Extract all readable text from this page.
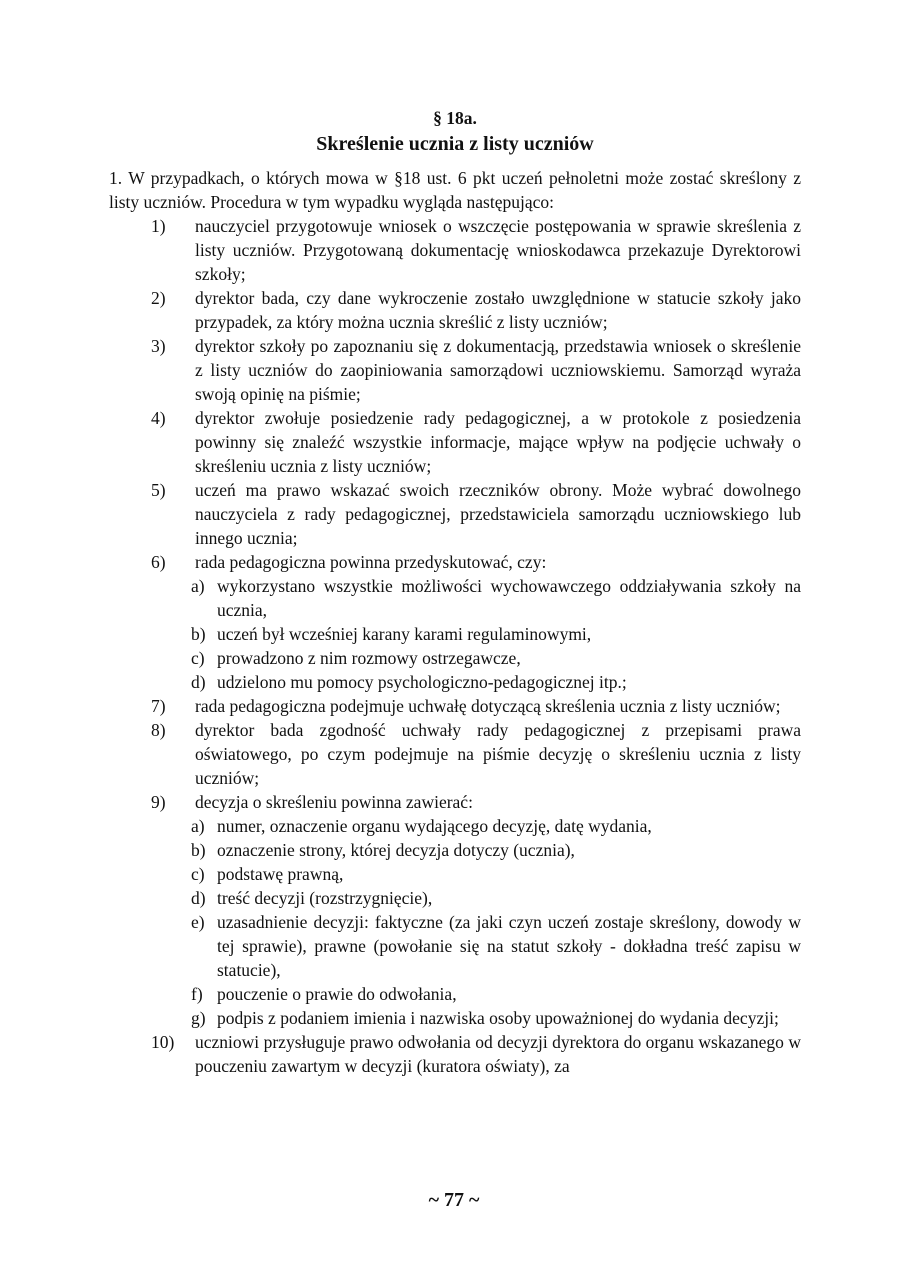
§ 18a.

Skreślenie ucznia z listy uczniów

1. W przypadkach, o których mowa w §18 ust. 6 pkt uczeń pełnoletni może zostać skreślony z listy uczniów. Procedura w tym wypadku wygląda następująco:

1) nauczyciel przygotowuje wniosek o wszczęcie postępowania w sprawie skreślenia z listy uczniów. Przygotowaną dokumentację wnioskodawca przekazuje Dyrektorowi szkoły;
2) dyrektor bada, czy dane wykroczenie zostało uwzględnione w statucie szkoły jako przypadek, za który można ucznia skreślić z listy uczniów;
3) dyrektor szkoły po zapoznaniu się z dokumentacją, przedstawia wniosek o skreślenie z listy uczniów do zaopiniowania samorządowi uczniowskiemu. Samorząd wyraża swoją opinię na piśmie;
4) dyrektor zwołuje posiedzenie rady pedagogicznej, a w protokole z posiedzenia powinny się znaleźć wszystkie informacje, mające wpływ na podjęcie uchwały o skreśleniu ucznia z listy uczniów;
5) uczeń ma prawo wskazać swoich rzeczników obrony. Może wybrać dowolnego nauczyciela z rady pedagogicznej, przedstawiciela samorządu uczniowskiego lub innego ucznia;
6) rada pedagogiczna powinna przedyskutować, czy:
a) wykorzystano wszystkie możliwości wychowawczego oddziaływania szkoły na ucznia,
b) uczeń był wcześniej karany karami regulaminowymi,
c) prowadzono z nim rozmowy ostrzegawcze,
d) udzielono mu pomocy psychologiczno-pedagogicznej itp.;
7) rada pedagogiczna podejmuje uchwałę dotyczącą skreślenia ucznia z listy uczniów;
8) dyrektor bada zgodność uchwały rady pedagogicznej z przepisami prawa oświatowego, po czym podejmuje na piśmie decyzję o skreśleniu ucznia z listy uczniów;
9) decyzja o skreśleniu powinna zawierać:
a) numer, oznaczenie organu wydającego decyzję, datę wydania,
b) oznaczenie strony, której decyzja dotyczy (ucznia),
c) podstawę prawną,
d) treść decyzji (rozstrzygnięcie),
e) uzasadnienie decyzji: faktyczne (za jaki czyn uczeń zostaje skreślony, dowody w tej sprawie), prawne (powołanie się na statut szkoły - dokładna treść zapisu w statucie),
f) pouczenie o prawie do odwołania,
g) podpis z podaniem imienia i nazwiska osoby upoważnionej do wydania decyzji;
10) uczniowi przysługuje prawo odwołania od decyzji dyrektora do organu wskazanego w pouczeniu zawartym w decyzji (kuratora oświaty), za
~ 77 ~
